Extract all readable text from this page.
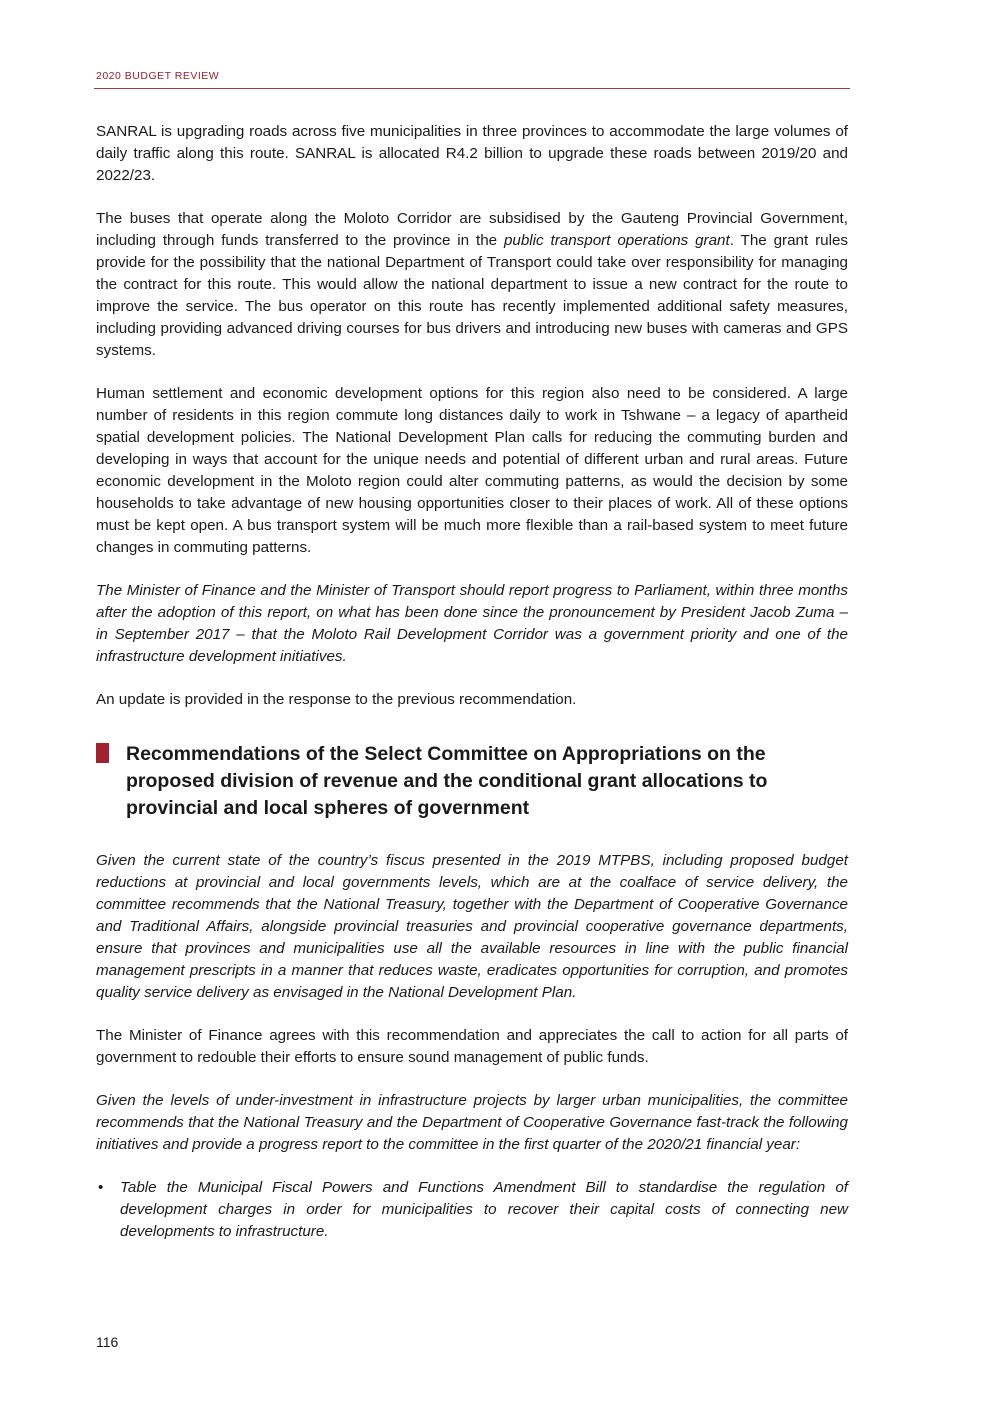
2020 BUDGET REVIEW

SANRAL is upgrading roads across five municipalities in three provinces to accommodate the large volumes of daily traffic along this route. SANRAL is allocated R4.2 billion to upgrade these roads between 2019/20 and 2022/23.

The buses that operate along the Moloto Corridor are subsidised by the Gauteng Provincial Government, including through funds transferred to the province in the public transport operations grant. The grant rules provide for the possibility that the national Department of Transport could take over responsibility for managing the contract for this route. This would allow the national department to issue a new contract for the route to improve the service. The bus operator on this route has recently implemented additional safety measures, including providing advanced driving courses for bus drivers and introducing new buses with cameras and GPS systems.

Human settlement and economic development options for this region also need to be considered. A large number of residents in this region commute long distances daily to work in Tshwane – a legacy of apartheid spatial development policies. The National Development Plan calls for reducing the commuting burden and developing in ways that account for the unique needs and potential of different urban and rural areas. Future economic development in the Moloto region could alter commuting patterns, as would the decision by some households to take advantage of new housing opportunities closer to their places of work. All of these options must be kept open. A bus transport system will be much more flexible than a rail-based system to meet future changes in commuting patterns.

The Minister of Finance and the Minister of Transport should report progress to Parliament, within three months after the adoption of this report, on what has been done since the pronouncement by President Jacob Zuma – in September 2017 – that the Moloto Rail Development Corridor was a government priority and one of the infrastructure development initiatives.

An update is provided in the response to the previous recommendation.

Recommendations of the Select Committee on Appropriations on the proposed division of revenue and the conditional grant allocations to provincial and local spheres of government

Given the current state of the country’s fiscus presented in the 2019 MTPBS, including proposed budget reductions at provincial and local governments levels, which are at the coalface of service delivery, the committee recommends that the National Treasury, together with the Department of Cooperative Governance and Traditional Affairs, alongside provincial treasuries and provincial cooperative governance departments, ensure that provinces and municipalities use all the available resources in line with the public financial management prescripts in a manner that reduces waste, eradicates opportunities for corruption, and promotes quality service delivery as envisaged in the National Development Plan.

The Minister of Finance agrees with this recommendation and appreciates the call to action for all parts of government to redouble their efforts to ensure sound management of public funds.

Given the levels of under-investment in infrastructure projects by larger urban municipalities, the committee recommends that the National Treasury and the Department of Cooperative Governance fast-track the following initiatives and provide a progress report to the committee in the first quarter of the 2020/21 financial year:

• Table the Municipal Fiscal Powers and Functions Amendment Bill to standardise the regulation of development charges in order for municipalities to recover their capital costs of connecting new developments to infrastructure.
116
